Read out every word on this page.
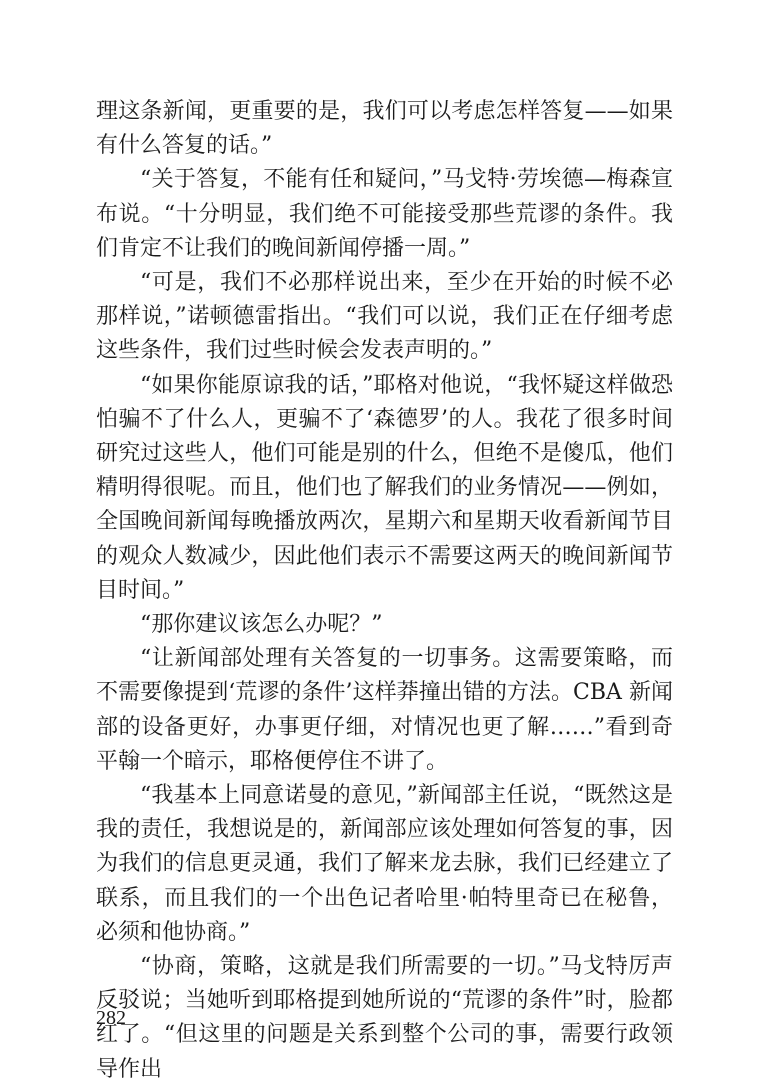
理这条新闻，更重要的是，我们可以考虑怎样答复——如果有什么答复的话。”

“关于答复，不能有任和疑问，”马戈特·劳埃德—梅森宣布说。“十分明显，我们绝不可能接受那些荒谬的条件。我们肯定不让我们的晚间新闻停播一周。”

“可是，我们不必那样说出来，至少在开始的时候不必那样说，”诺顿德雷指出。“我们可以说，我们正在仔细考虑这些条件，我们过些时候会发表声明的。”

“如果你能原谅我的话，”耶格对他说，“我怀疑这样做恐怕骗不了什么人，更骗不了‘森德罗’的人。我花了很多时间研究过这些人，他们可能是别的什么，但绝不是傻瓜，他们精明得很呢。而且，他们也了解我们的业务情况——例如，全国晚间新闻每晚播放两次，星期六和星期天收看新闻节目的观众人数减少，因此他们表示不需要这两天的晚间新闻节目时间。”

“那你建议该怎么办呢？”

“让新闻部处理有关答复的一切事务。这需要策略，而不需要像提到‘荒谬的条件’这样莽撞出错的方法。CBA 新闻部的设备更好，办事更仔细，对情况也更了解……”看到奇平翰一个暗示，耶格便停住不讲了。

“我基本上同意诺曼的意见，”新闻部主任说，“既然这是我的责任，我想说是的，新闻部应该处理如何答复的事，因为我们的信息更灵通，我们了解来龙去脉，我们已经建立了联系，而且我们的一个出色记者哈里·帕特里奇已在秘鲁，必须和他协商。”

“协商，策略，这就是我们所需要的一切。”马戈特厉声反驳说；当她听到耶格提到她所说的“荒谬的条件”时，脸都红了。“但这里的问题是关系到整个公司的事，需要行政领导作出

282
